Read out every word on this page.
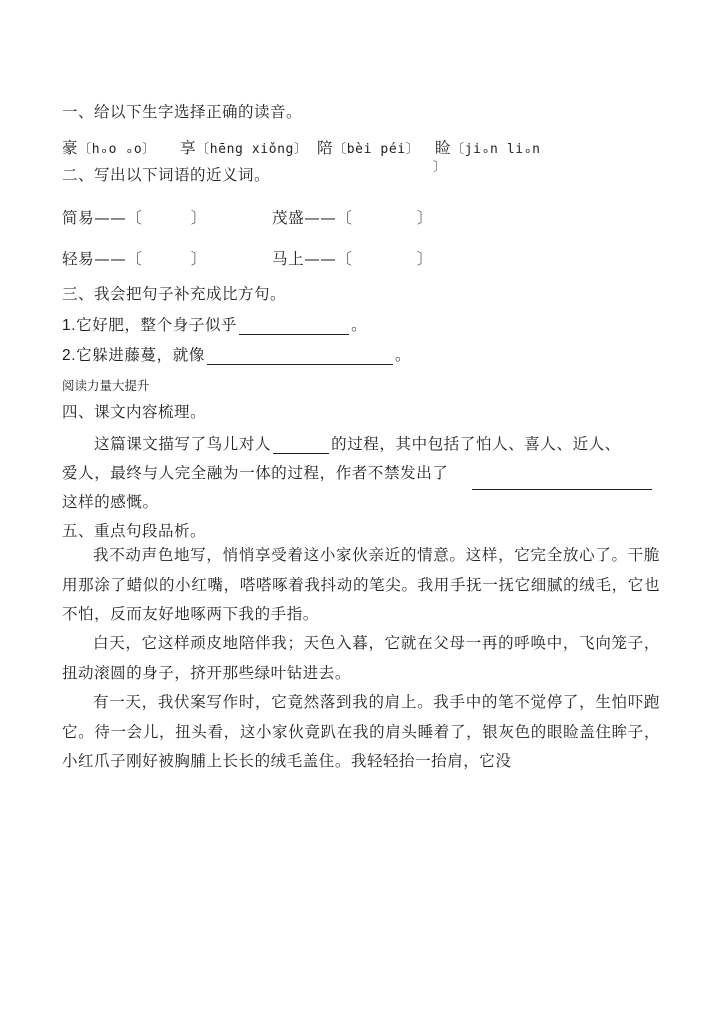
一、给以下生字选择正确的读音。
豪〔hₒo ₒo〕 享〔hēng xiǒng〕 陪〔bèi péi〕 睑〔jiₒn liₒn
〕
二、写出以下词语的近义词。
简易——〔　　　〕	茂盛——〔　　　　〕
轻易——〔　　　〕	马上——〔　　　　〕
三、我会把句子补充成比方句。
1.它好肥，整个身子似乎	。
2.它躲进藤蔓，就像	。
阅读力量大提升
四、课文内容梳理。
这篇课文描写了鸟儿对人	的过程，其中包括了怕人、喜人、近人、
爱人，最终与人完全融为一体的过程，作者不禁发出了
这样的感慨。
五、重点句段品析。
我不动声色地写，悄悄享受着这小家伙亲近的情意。这样，它完全放心了。干脆用那涂了蜡似的小红嘴，嗒嗒啄着我抖动的笔尖。我用手抚一抚它细腻的绒毛，它也不怕，反而友好地啄两下我的手指。
白天，它这样顽皮地陪伴我；天色入暮，它就在父母一再的呼唤中，飞向笼子，扭动滚圆的身子，挤开那些绿叶钻进去。
有一天，我伏案写作时，它竟然落到我的肩上。我手中的笔不觉停了，生怕吓跑它。待一会儿，扭头看，这小家伙竟趴在我的肩头睡着了，银灰色的眼睑盖住眸子，小红爪子刚好被胸脯上长长的绒毛盖住。我轻轻抬一抬肩，它没
